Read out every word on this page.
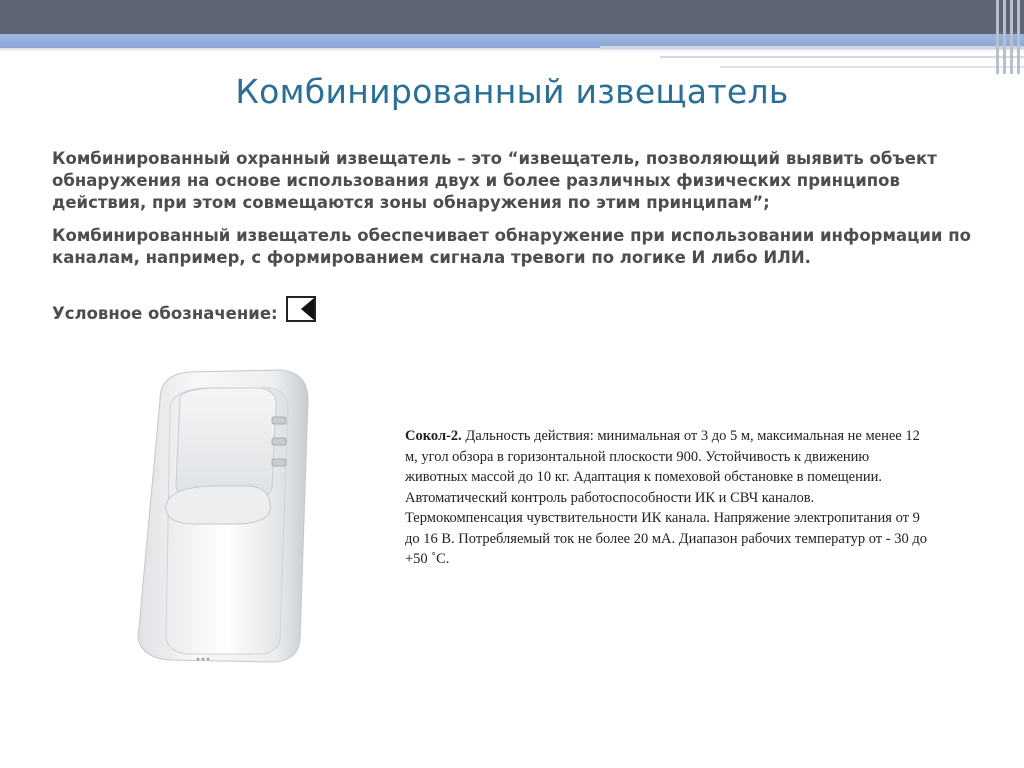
Комбинированный извещатель
Комбинированный охранный извещатель – это “извещатель, позволяющий выявить объект обнаружения на основе использования двух и более различных физических принципов действия, при этом совмещаются зоны обнаружения по этим принципам”;
Комбинированный извещатель обеспечивает обнаружение при использовании информации по каналам, например, с формированием сигнала тревоги по логике И либо ИЛИ.
Условное обозначение:
Сокол-2. Дальность действия: минимальная от 3 до 5 м, максимальная не менее 12 м, угол обзора в горизонтальной плоскости 900. Устойчивость к движению животных массой до 10 кг. Адаптация к помеховой обстановке в помещении. Автоматический контроль работоспособности ИК и СВЧ каналов. Термокомпенсация чувствительности ИК канала. Напряжение электропитания от 9 до 16 В. Потребляемый ток не более 20 мА. Диапазон рабочих температур от - 30 до +50 ˚С.
